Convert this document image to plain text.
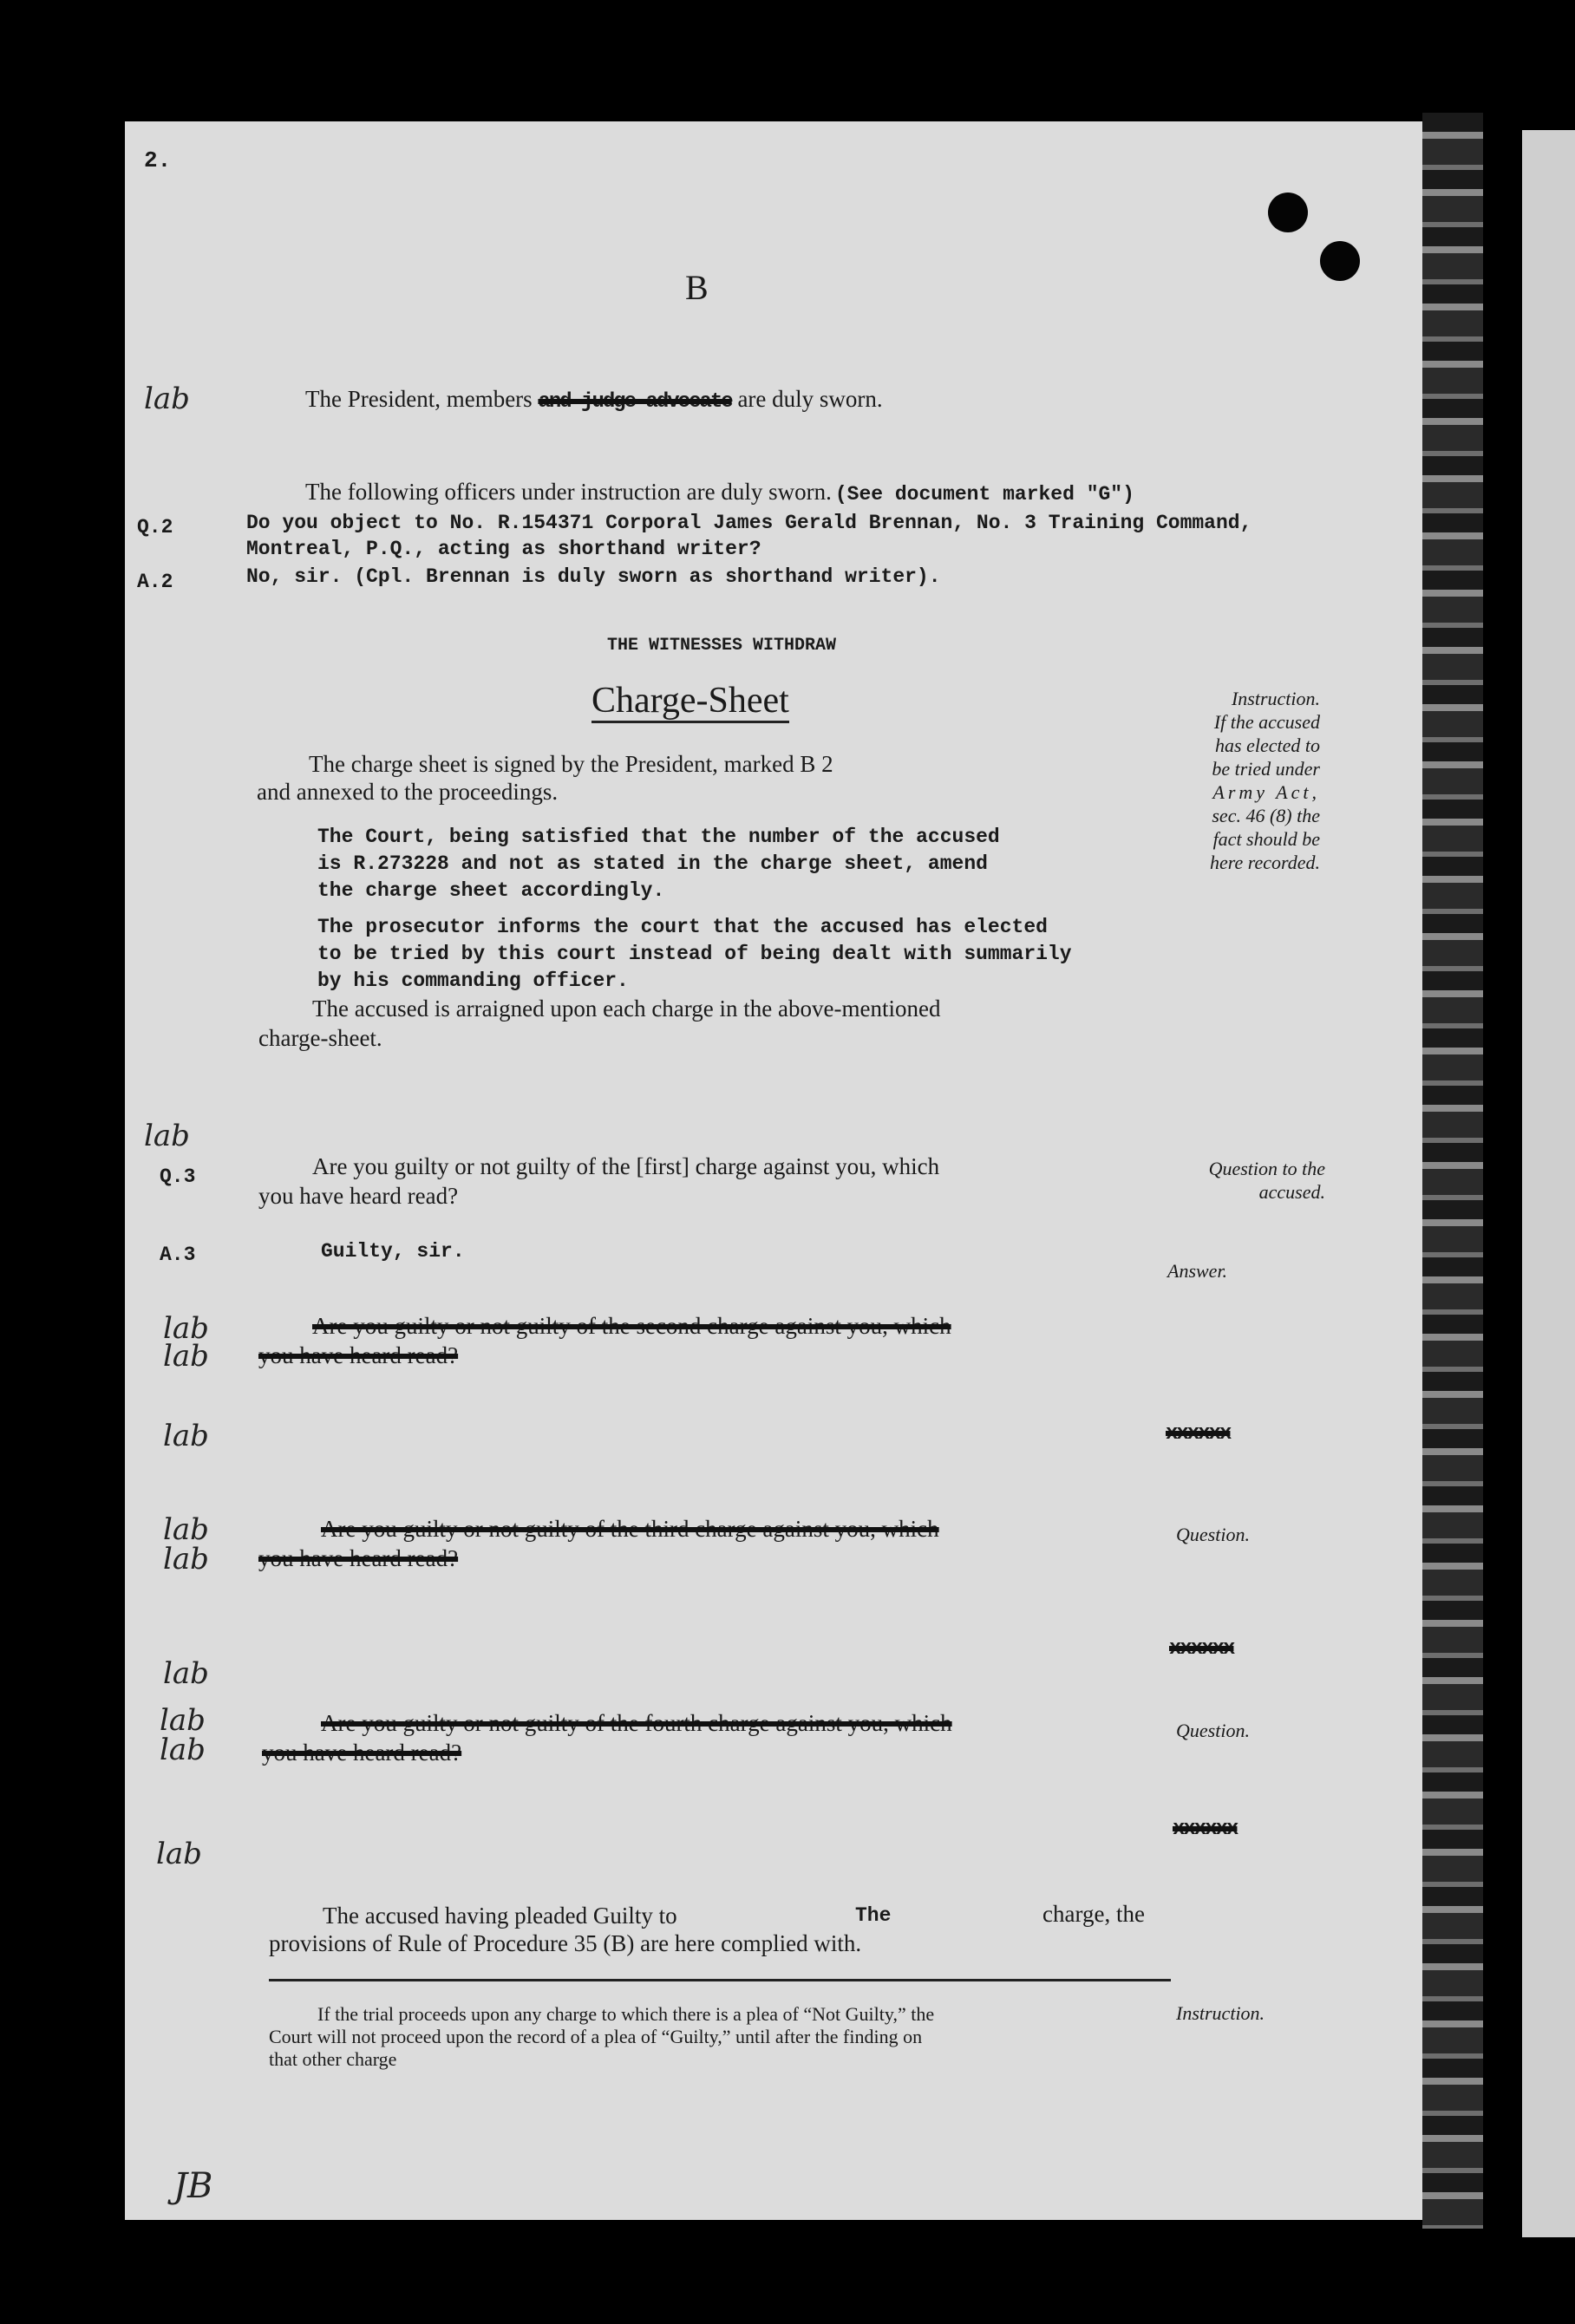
2.
B
lab	The President, members and judge advocate are duly sworn.
The following officers under instruction are duly sworn. (See document marked "G")
Q.2	Do you object to No. R.154371 Corporal James Gerald Brennan, No. 3 Training Command,
Montreal, P.Q., acting as shorthand writer?
A.2	No, sir. (Cpl. Brennan is duly sworn as shorthand writer).
THE WITNESSES WITHDRAW
Charge-Sheet	Instruction.
If the accused
has elected to
be tried under
Army Act,
sec. 46 (8) the
fact should be
here recorded.
The charge sheet is signed by the President, marked B 2
and annexed to the proceedings.
The Court, being satisfied that the number of the accused
is R.273228 and not as stated in the charge sheet, amend
the charge sheet accordingly.
The prosecutor informs the court that the accused has elected
to be tried by this court instead of being dealt with summarily
by his commanding officer.
The accused is arraigned upon each charge in the above-mentioned
charge-sheet.
lab
Q.3	Are you guilty or not guilty of the [first] charge against you, which
you have heard read?
Question to the
accused.
A.3	Guilty, sir.
Answer.
lab
lab
Are you guilty or not guilty of the second charge against you, which
you have heard read?
lab	xxxxxx
lab
lab
Are you guilty or not guilty of the third charge against you, which
you have heard read?
Question.
lab
xxxxxx
lab
lab
Are you guilty or not guilty of the fourth charge against you, which
you have heard read?
Question.
xxxxxx
lab
The accused having pleaded Guilty to	The	charge, the
provisions of Rule of Procedure 35 (B) are here complied with.
If the trial proceeds upon any charge to which there is a plea of “Not Guilty,” the
Court will not proceed upon the record of a plea of “Guilty,” until after the finding on
that other charge
Instruction.
JB
